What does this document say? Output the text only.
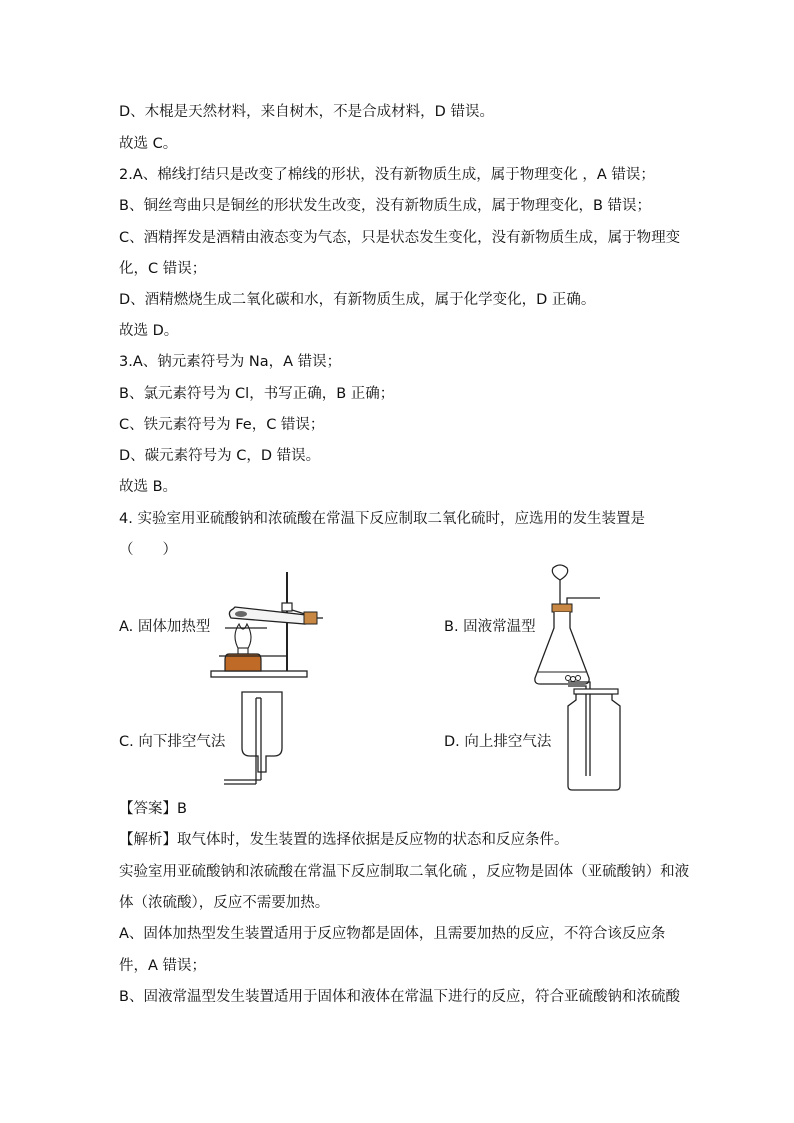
D、木棍是天然材料，来自树木，不是合成材料，D 错误。
故选 C。
2.A、棉线打结只是改变了棉线的形状，没有新物质生成，属于物理变化 ，A 错误；
B、铜丝弯曲只是铜丝的形状发生改变，没有新物质生成，属于物理变化，B 错误；
C、酒精挥发是酒精由液态变为气态，只是状态发生变化，没有新物质生成，属于物理变
化，C 错误；
D、酒精燃烧生成二氧化碳和水，有新物质生成，属于化学变化，D 正确。
故选 D。
3.A、钠元素符号为 Na，A 错误；
B、氯元素符号为 Cl，书写正确，B 正确；
C、铁元素符号为 Fe，C 错误；
D、碳元素符号为 C，D 错误。
故选 B。
4. 实验室用亚硫酸钠和浓硫酸在常温下反应制取二氧化硫时，应选用的发生装置是
（　　）
A. 固体加热型	B. 固液常温型
C. 向下排空气法	D. 向上排空气法
【答案】B
【解析】取气体时，发生装置的选择依据是反应物的状态和反应条件。
实验室用亚硫酸钠和浓硫酸在常温下反应制取二氧化硫 ，反应物是固体（亚硫酸钠）和液
体（浓硫酸），反应不需要加热。
A、固体加热型发生装置适用于反应物都是固体，且需要加热的反应，不符合该反应条
件，A 错误；
B、固液常温型发生装置适用于固体和液体在常温下进行的反应，符合亚硫酸钠和浓硫酸
